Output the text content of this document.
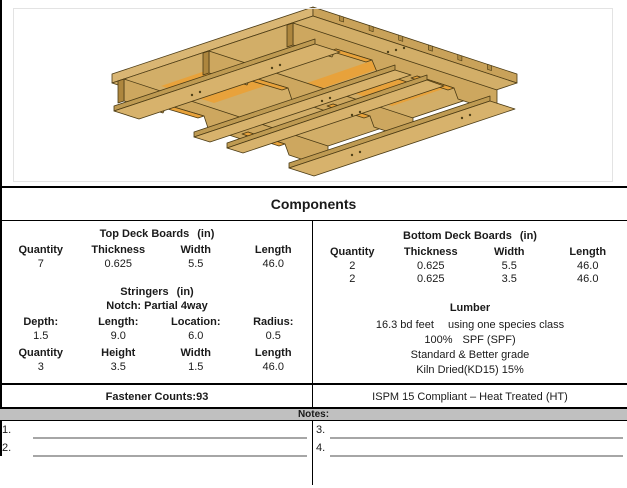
Components
Top Deck Boards (in)
Quantity	Thickness	Width	Length
7	0.625	5.5	46.0
Stringers (in)
Notch: Partial 4way
Depth:	Length:	Location:	Radius:
1.5	9.0	6.0	0.5
Quantity	Height	Width	Length
3	3.5	1.5	46.0
Bottom Deck Boards (in)
Quantity	Thickness	Width	Length
2	0.625	5.5	46.0
2	0.625	3.5	46.0
Lumber
16.3 bd feet using one species class
100% SPF (SPF)
Standard & Better grade
Kiln Dried(KD15) 15%
Fastener Counts:93	ISPM 15 Compliant – Heat Treated (HT)
Notes:
1.
2.
3.
4.
